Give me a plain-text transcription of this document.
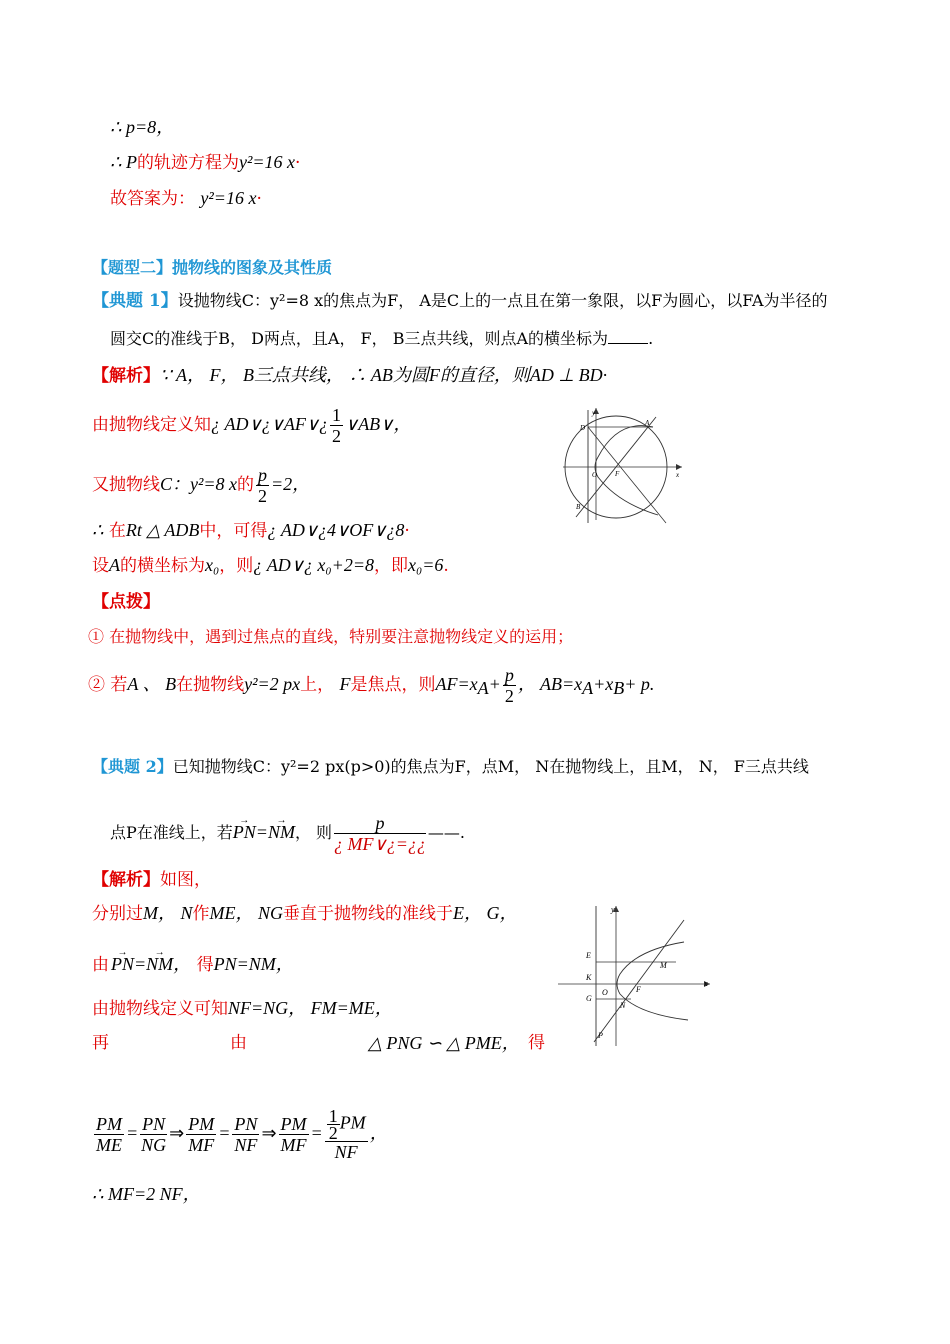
∴ p=8，
∴ P的轨迹方程为y²=16 x·
故答案为： y²=16 x·
【题型二】抛物线的图象及其性质
【典题 1】设抛物线C：y²=8 x的焦点为F， A是C上的一点且在第一象限，以F为圆心，以FA为半径的
圆交C的准线于B， D两点，且A， F， B三点共线，则点A的横坐标为	.
【解析】∵ A， F， B三点共线， ∴ AB为圆F的直径，则AD ⊥ BD·
由抛物线定义知¿ AD∨¿∨AF∨¿ $\frac{1}{2}$ ∨AB∨，
又抛物线C：y²=8 x的 $\frac{p}{2} =2$，
∴ 在Rt △ ADB中，可得¿ AD∨¿4∨OF∨¿8·
设A的横坐标为x₀，则¿ AD∨¿ x₀+2=8，即x₀=6.
【点拨】
① 在抛物线中，遇到过焦点的直线，特别要注意抛物线定义的运用；
② 若A 、 B在抛物线y²=2 px上， F是焦点，则$AF=x_A+ \frac{p}{2}$ ， $AB=x_A+x_B+ p$.
y
D
A
O	F	x
B
【典题 2】已知抛物线C：y²=2 px(p>0)的焦点为F，点M， N在抛物线上，且M， N， F三点共线
点P在准线上，若→ PN=→ NM， 则 $\frac{p}{¿ MF\vee¿=¿¿}$ ——.
【解析】如图，
分别过M， N作ME， NG垂直于抛物线的准线于E， G，
由→ PN=→ NM， 得PN=NM，
由抛物线定义可知NF=NG， FM=ME，
再	由	△ PNG ∽ △ PME， 得
$\frac{PM}{ME} = \frac{PN}{NG}$ ⇒ $\frac{PM}{MF} = \frac{PN}{NF}$ ⇒ $\frac{PM}{MF} = \frac{\frac{1}{2} PM}{NF}$ ，
∴ MF=2 NF，
y
E
M
K
x
G
O	F
N
P
